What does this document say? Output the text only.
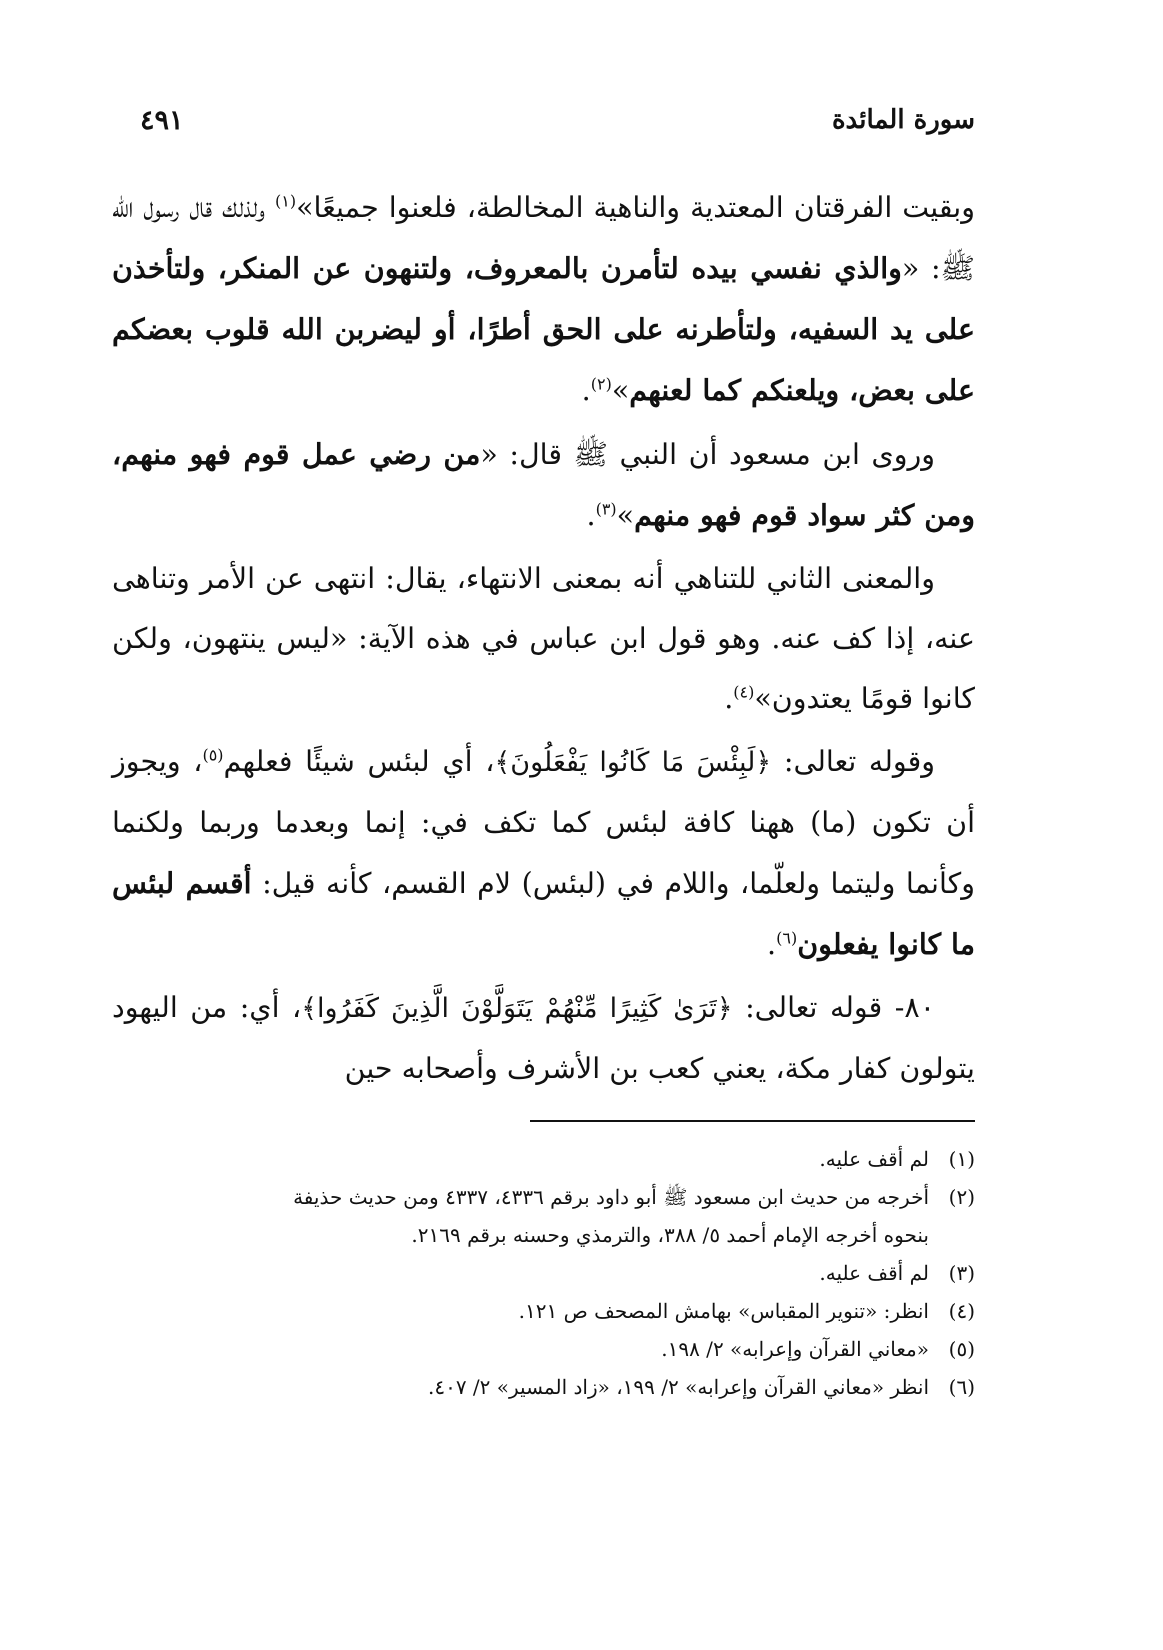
سورة المائدة
٤٩١

وبقيت الفرقتان المعتدية والناهية المخالطة، فلعنوا جميعًا»$^{(١)}$ ولذلك قال رسول الله ﷺ: «والذي نفسي بيده لتأمرن بالمعروف، ولتنهون عن المنكر، ولتأخذن على يد السفيه، ولتأطرنه على الحق أطرًا، أو ليضربن الله قلوب بعضكم على بعض، ويلعنكم كما لعنهم»$^{(٢)}$.

وروى ابن مسعود أن النبي ﷺ قال: «من رضي عمل قوم فهو منهم، ومن كثر سواد قوم فهو منهم»$^{(٣)}$.

والمعنى الثاني للتناهي أنه بمعنى الانتهاء، يقال: انتهى عن الأمر وتناهى عنه، إذا كف عنه. وهو قول ابن عباس في هذه الآية: «ليس ينتهون، ولكن كانوا قومًا يعتدون»$^{(٤)}$.

وقوله تعالى: ﴿لَبِئْسَ مَا كَانُوا يَفْعَلُونَ﴾، أي لبئس شيئًا فعلهم$^{(٥)}$، ويجوز أن تكون (ما) ههنا كافة لبئس كما تكف في: إنما وبعدما وربما ولكنما وكأنما وليتما ولعلّما، واللام في (لبئس) لام القسم، كأنه قيل: أقسم لبئس ما كانوا يفعلون$^{(٦)}$.

٨٠- قوله تعالى: ﴿تَرَىٰ كَثِيرًا مِّنْهُمْ يَتَوَلَّوْنَ الَّذِينَ كَفَرُوا﴾، أي: من اليهود يتولون كفار مكة، يعني كعب بن الأشرف وأصحابه حين

(١)
لم أقف عليه.
(٢)
أخرجه من حديث ابن مسعود ﷺ أبو داود برقم ٤٣٣٦، ٤٣٣٧ ومن حديث حذيفة
بنحوه أخرجه الإمام أحمد ٥/ ٣٨٨، والترمذي وحسنه برقم ٢١٦٩.
(٣)
لم أقف عليه.
(٤)
انظر: «تنوير المقباس» بهامش المصحف ص ١٢١.
(٥)
«معاني القرآن وإعرابه» ٢/ ١٩٨.
(٦)
انظر «معاني القرآن وإعرابه» ٢/ ١٩٩، «زاد المسير» ٢/ ٤٠٧.
